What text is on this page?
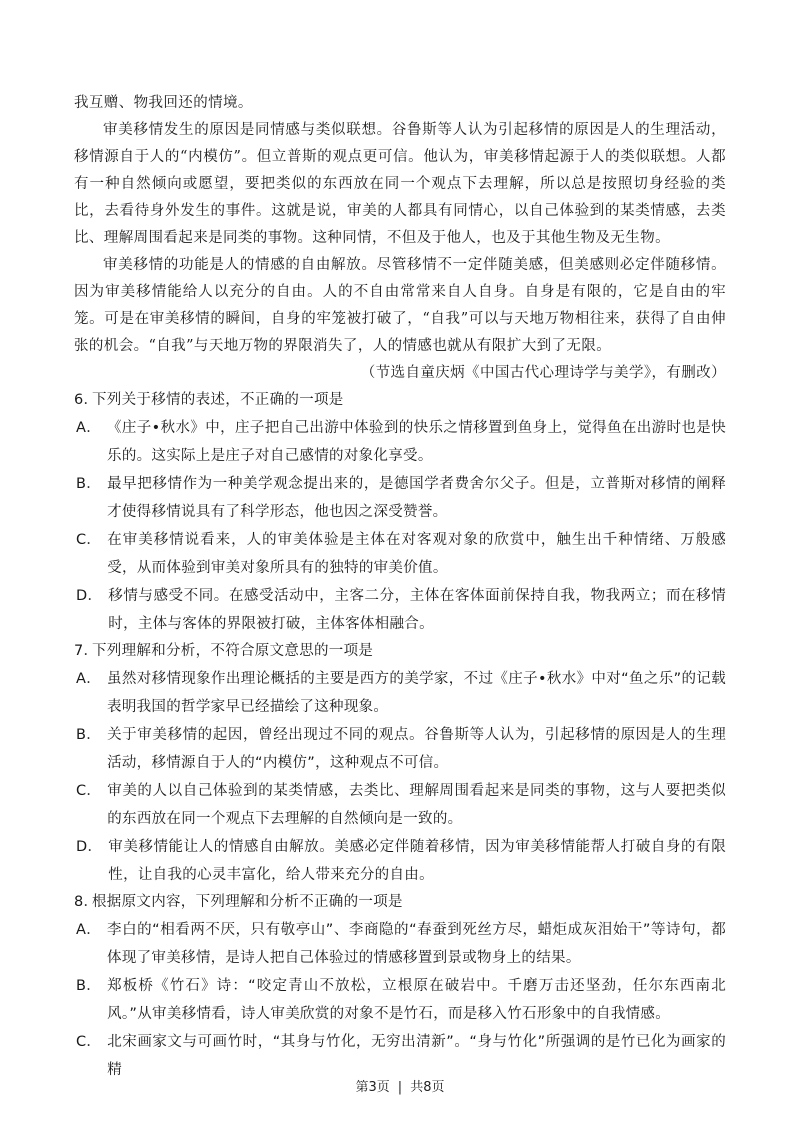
我互赠、物我回还的情境。

审美移情发生的原因是同情感与类似联想。谷鲁斯等人认为引起移情的原因是人的生理活动，移情源自于人的“内模仿”。但立普斯的观点更可信。他认为，审美移情起源于人的类似联想。人都有一种自然倾向或愿望，要把类似的东西放在同一个观点下去理解，所以总是按照切身经验的类比，去看待身外发生的事件。这就是说，审美的人都具有同情心，以自己体验到的某类情感，去类比、理解周围看起来是同类的事物。这种同情，不但及于他人，也及于其他生物及无生物。

审美移情的功能是人的情感的自由解放。尽管移情不一定伴随美感，但美感则必定伴随移情。因为审美移情能给人以充分的自由。人的不自由常常来自人自身。自身是有限的，它是自由的牢笼。可是在审美移情的瞬间，自身的牢笼被打破了，“自我”可以与天地万物相往来，获得了自由伸张的机会。“自我”与天地万物的界限消失了，人的情感也就从有限扩大到了无限。

（节选自童庆炳《中国古代心理诗学与美学》，有删改）

6．下列关于移情的表述，不正确的一项是

A． 《庄子•秋水》中，庄子把自己出游中体验到的快乐之情移置到鱼身上，觉得鱼在出游时也是快乐的。这实际上是庄子对自己感情的对象化享受。
B． 最早把移情作为一种美学观念提出来的，是德国学者费舍尔父子。但是，立普斯对移情的阐释才使得移情说具有了科学形态，他也因之深受赞誉。
C． 在审美移情说看来，人的审美体验是主体在对客观对象的欣赏中，触生出千种情绪、万般感受，从而体验到审美对象所具有的独特的审美价值。
D． 移情与感受不同。在感受活动中，主客二分，主体在客体面前保持自我，物我两立；而在移情时，主体与客体的界限被打破，主体客体相融合。

7．下列理解和分析，不符合原文意思的一项是

A． 虽然对移情现象作出理论概括的主要是西方的美学家，不过《庄子•秋水》中对“鱼之乐”的记载表明我国的哲学家早已经描绘了这种现象。
B． 关于审美移情的起因，曾经出现过不同的观点。谷鲁斯等人认为，引起移情的原因是人的生理活动，移情源自于人的“内模仿”，这种观点不可信。
C． 审美的人以自己体验到的某类情感，去类比、理解周围看起来是同类的事物，这与人要把类似的东西放在同一个观点下去理解的自然倾向是一致的。
D． 审美移情能让人的情感自由解放。美感必定伴随着移情，因为审美移情能帮人打破自身的有限性，让自我的心灵丰富化，给人带来充分的自由。

8．根据原文内容，下列理解和分析不正确的一项是

A． 李白的“相看两不厌，只有敬亭山”、李商隐的“春蚕到死丝方尽，蜡炬成灰泪始干”等诗句，都体现了审美移情，是诗人把自己体验过的情感移置到景或物身上的结果。
B． 郑板桥《竹石》诗：“咬定青山不放松，立根原在破岩中。千磨万击还坚劲，任尔东西南北风。”从审美移情看，诗人审美欣赏的对象不是竹石，而是移入竹石形象中的自我情感。
C． 北宋画家文与可画竹时，“其身与竹化，无穷出清新”。“身与竹化”所强调的是竹已化为画家的精
第3页 | 共8页
